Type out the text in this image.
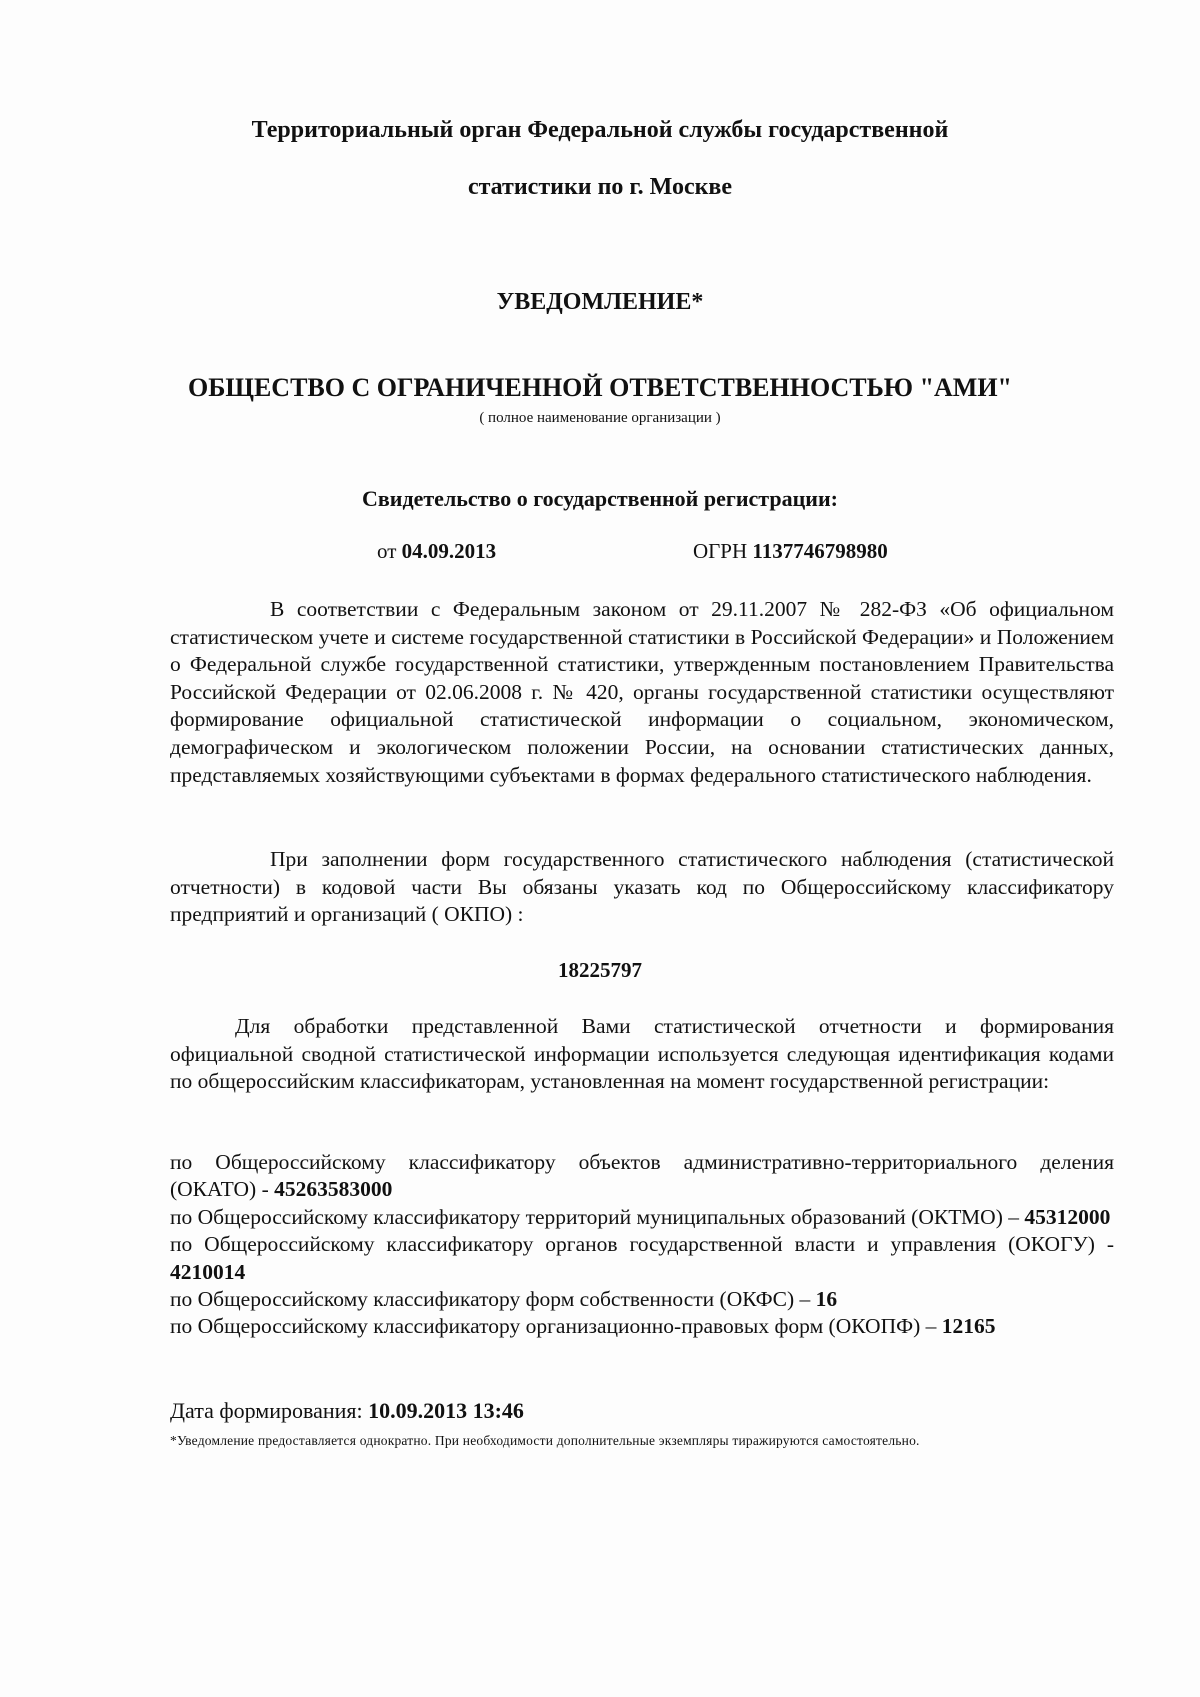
Территориальный орган Федеральной службы государственной
статистики по г. Москве
УВЕДОМЛЕНИЕ*
ОБЩЕСТВО С ОГРАНИЧЕННОЙ ОТВЕТСТВЕННОСТЬЮ "АМИ"
( полное наименование организации )
Свидетельство о государственной регистрации:
от 04.09.2013	ОГРН 1137746798980

В соответствии с Федеральным законом от 29.11.2007 № 282-ФЗ «Об официальном статистическом учете и системе государственной статистики в Российской Федерации» и Положением о Федеральной службе государственной статистики, утвержденным постановлением Правительства Российской Федерации от 02.06.2008 г. № 420, органы государственной статистики осуществляют формирование официальной статистической информации о социальном, экономическом, демографическом и экологическом положении России, на основании статистических данных, представляемых хозяйствующими субъектами в формах федерального статистического наблюдения.

При заполнении форм государственного статистического наблюдения (статистической отчетности) в кодовой части Вы обязаны указать код по Общероссийскому классификатору предприятий и организаций ( ОКПО) :

18225797

Для обработки представленной Вами статистической отчетности и формирования официальной сводной статистической информации используется следующая идентификация кодами по общероссийским классификаторам, установленная на момент государственной регистрации:

по Общероссийскому классификатору объектов административно-территориального деления (ОКАТО) - 45263583000

по Общероссийскому классификатору территорий муниципальных образований (ОКТМО) – 45312000

по Общероссийскому классификатору органов государственной власти и управления (ОКОГУ) - 4210014

по Общероссийскому классификатору форм собственности (ОКФС) – 16

по Общероссийскому классификатору организационно-правовых форм (ОКОПФ) – 12165

Дата формирования: 10.09.2013 13:46
*Уведомление предоставляется однократно. При необходимости дополнительные экземпляры тиражируются самостоятельно.
